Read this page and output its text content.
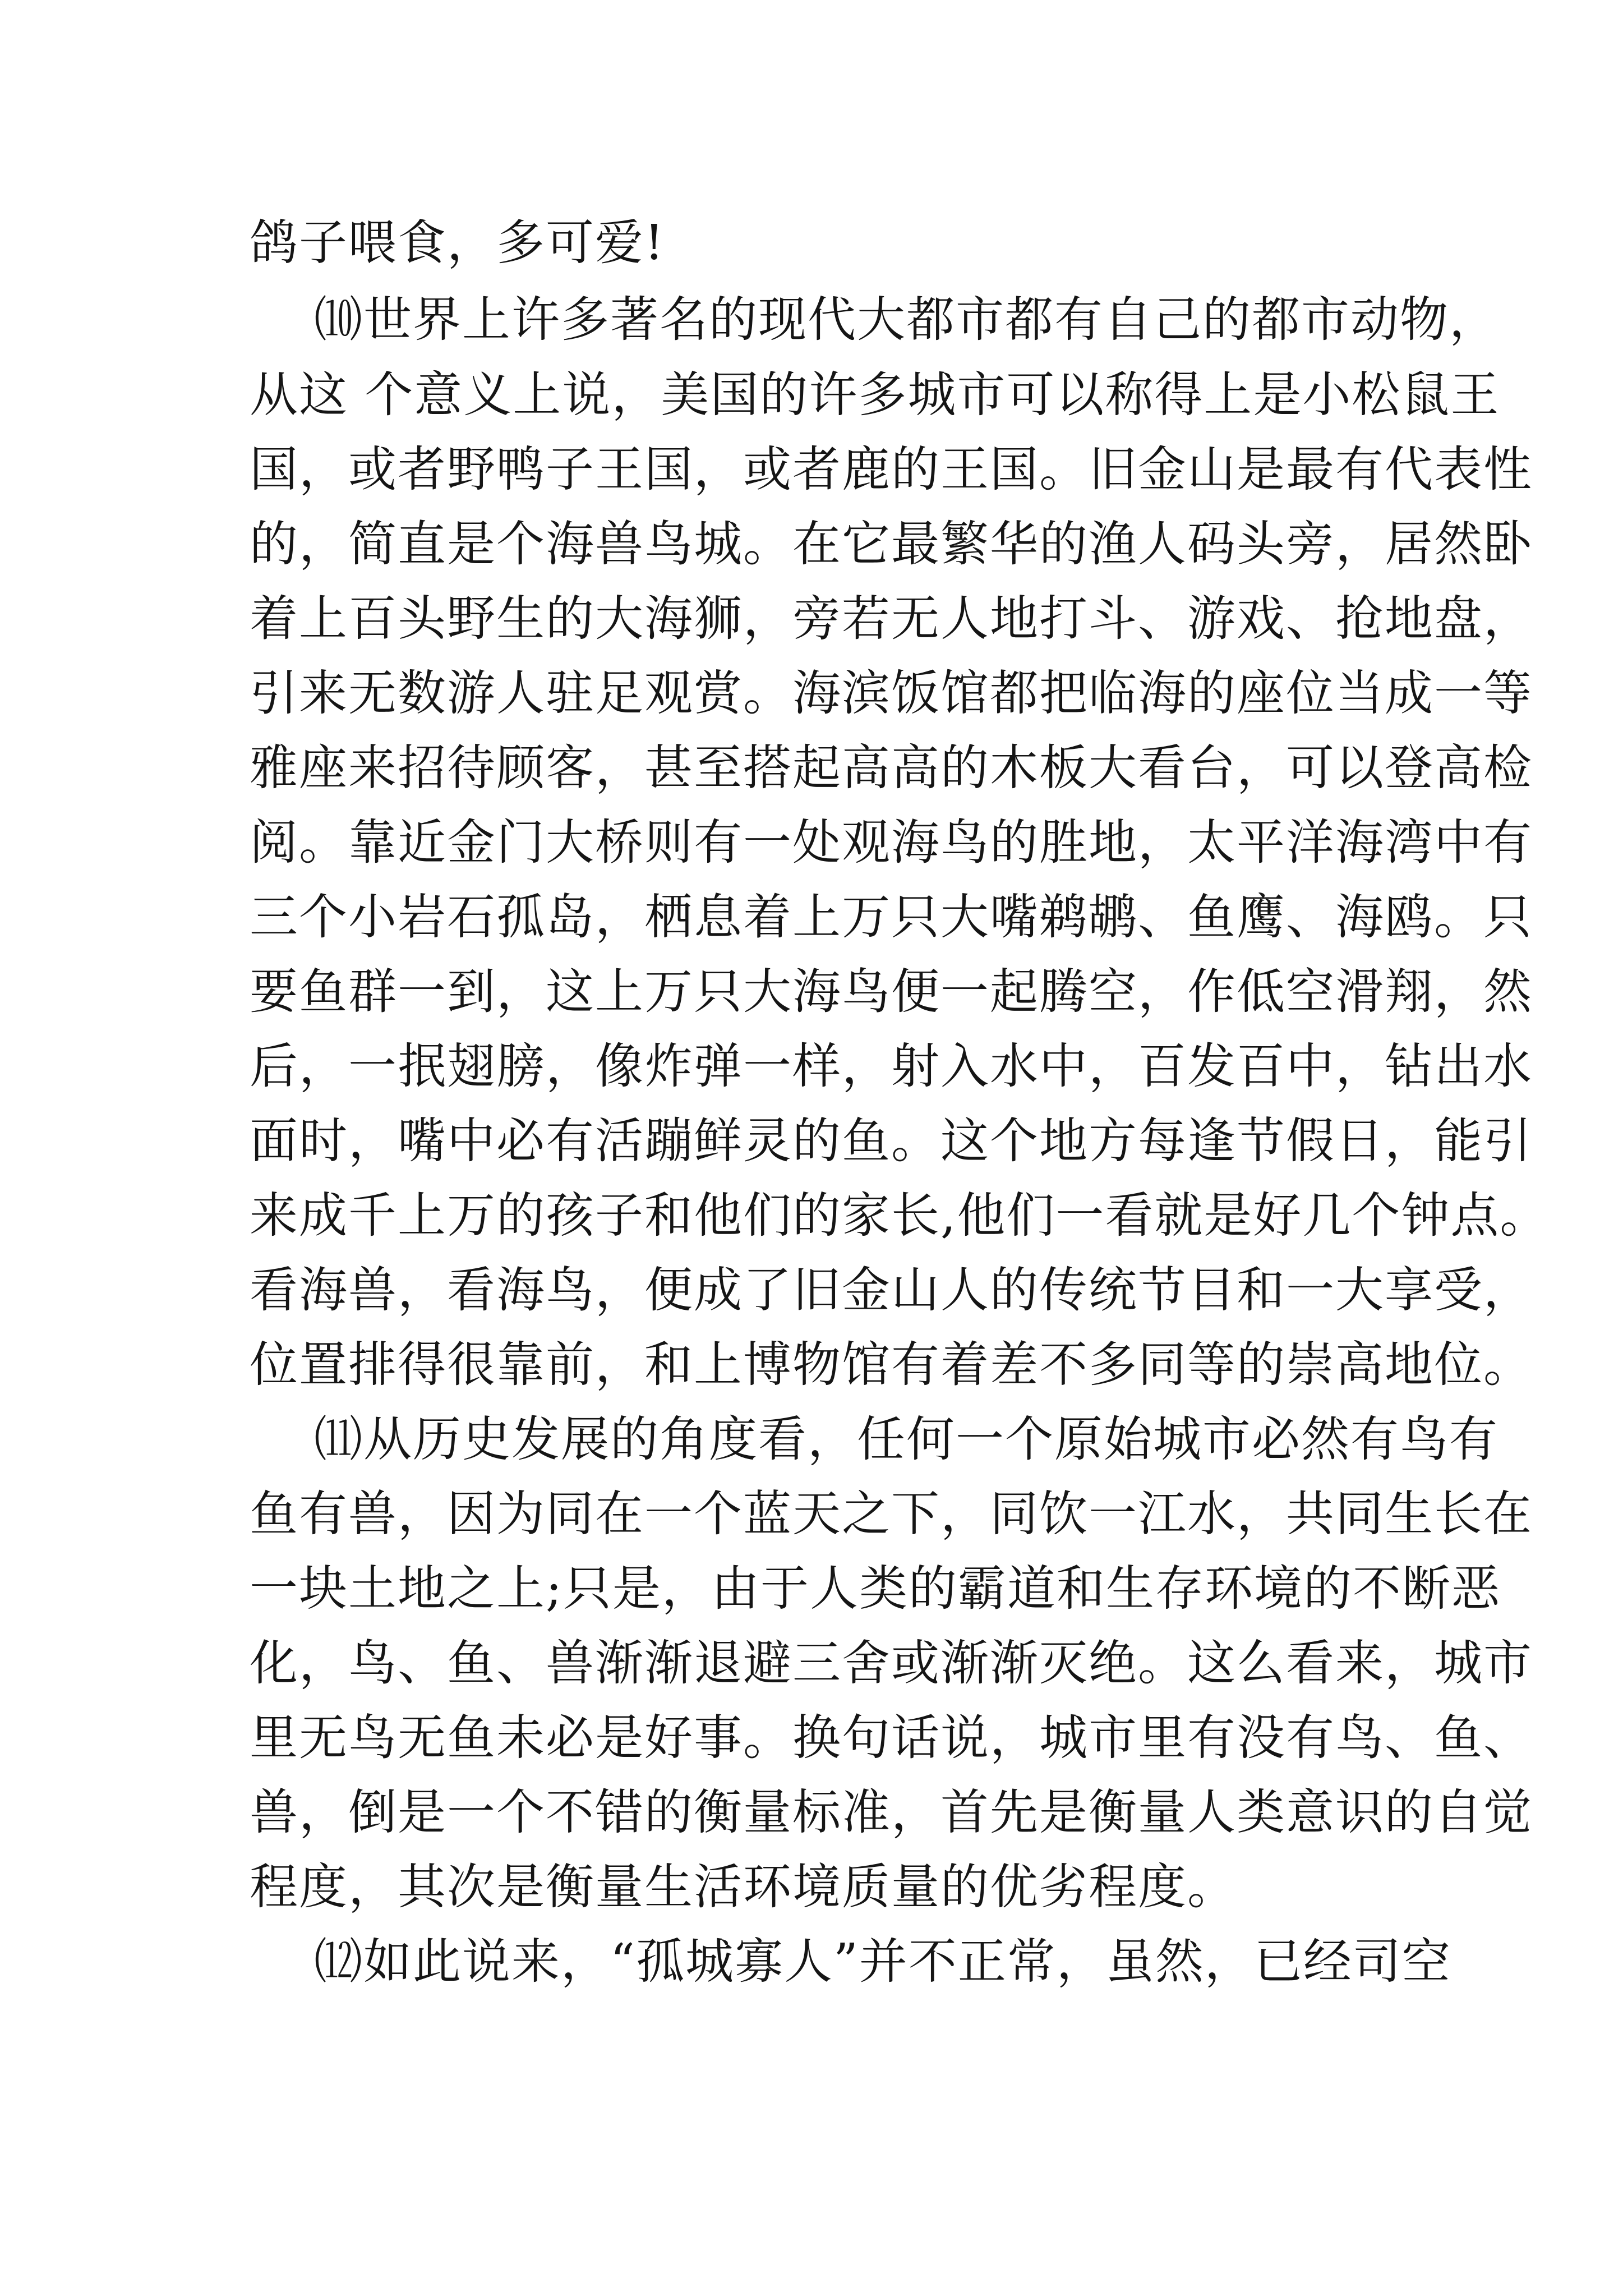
鸽子喂食，多可爱!
⑽世界上许多著名的现代大都市都有自己的都市动物，
从这 个意义上说，美国的许多城市可以称得上是小松鼠王
国，或者野鸭子王国，或者鹿的王国。旧金山是最有代表性
的，简直是个海兽鸟城。在它最繁华的渔人码头旁，居然卧
着上百头野生的大海狮，旁若无人地打斗、游戏、抢地盘，
引来无数游人驻足观赏。海滨饭馆都把临海的座位当成一等
雅座来招待顾客，甚至搭起高高的木板大看台，可以登高检
阅。靠近金门大桥则有一处观海鸟的胜地，太平洋海湾中有
三个小岩石孤岛，栖息着上万只大嘴鹈鹕、鱼鹰、海鸥。只
要鱼群一到，这上万只大海鸟便一起腾空，作低空滑翔，然
后，一抿翅膀，像炸弹一样，射入水中，百发百中，钻出水
面时，嘴中必有活蹦鲜灵的鱼。这个地方每逢节假日，能引
来成千上万的孩子和他们的家长,他们一看就是好几个钟点。
看海兽，看海鸟，便成了旧金山人的传统节目和一大享受，
位置排得很靠前，和上博物馆有着差不多同等的崇高地位。
⑾从历史发展的角度看，任何一个原始城市必然有鸟有
鱼有兽，因为同在一个蓝天之下，同饮一江水，共同生长在
一块土地之上;只是，由于人类的霸道和生存环境的不断恶
化，鸟、鱼、兽渐渐退避三舍或渐渐灭绝。这么看来，城市
里无鸟无鱼未必是好事。换句话说，城市里有没有鸟、鱼、
兽，倒是一个不错的衡量标准，首先是衡量人类意识的自觉
程度，其次是衡量生活环境质量的优劣程度。
⑿如此说来，“孤城寡人”并不正常，虽然，已经司空
